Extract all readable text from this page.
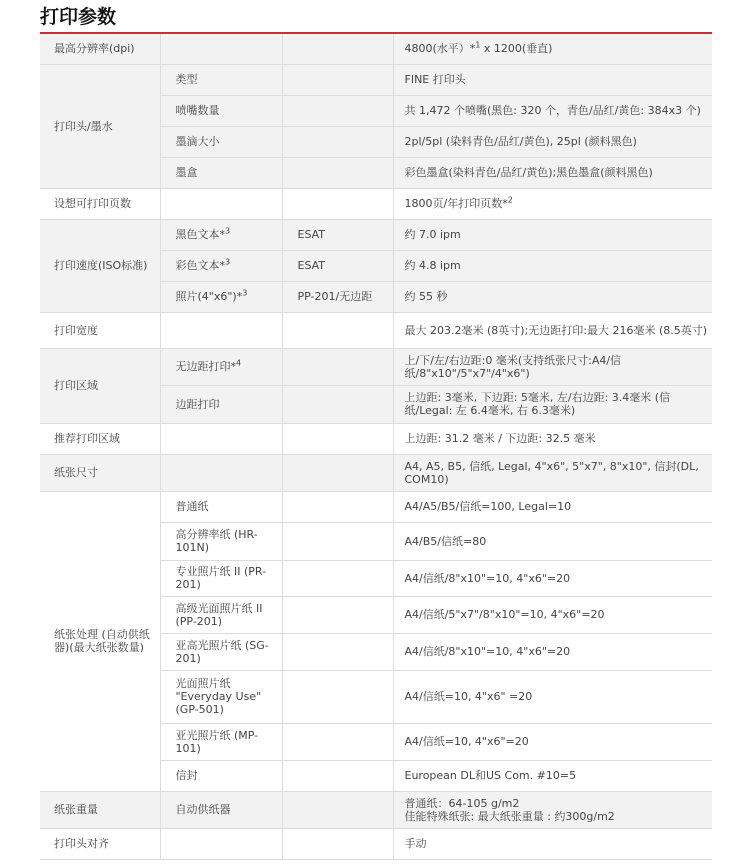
打印参数
最高分辨率(dpi)			4800(水平）*$^1$ x 1200(垂直)
打印头/墨水	类型		FINE 打印头
	喷嘴数量		共 1,472 个喷嘴(黑色: 320 个，青色/品红/黄色: 384x3 个)
	墨滴大小		2pl/5pl (染料青色/品红/黄色), 25pl (颜料黑色)
	墨盒		彩色墨盒(染料青色/品红/黄色);黑色墨盒(颜料黑色)
设想可打印页数			1800页/年打印页数*$^2$
打印速度(ISO标准)	黑色文本*$^3$	ESAT	约 7.0 ipm
	彩色文本*$^3$	ESAT	约 4.8 ipm
	照片(4"x6")*$^3$	PP-201/无边距	约 55 秒
打印宽度			最大 203.2毫米 (8英寸);无边距打印:最大 216毫米 (8.5英寸)
打印区域	无边距打印*$^4$		上/下/左/右边距:0 毫米(支持纸张尺寸:A4/信纸/8"x10"/5"x7"/4"x6")
	边距打印		上边距: 3毫米, 下边距: 5毫米, 左/右边距: 3.4毫米 (信纸/Legal: 左 6.4毫米, 右 6.3毫米)
推荐打印区域			上边距: 31.2 毫米 / 下边距: 32.5 毫米
纸张尺寸			A4, A5, B5, 信纸, Legal, 4"x6", 5"x7", 8"x10", 信封(DL, COM10)
纸张处理 (自动供纸器)(最大纸张数量)	普通纸		A4/A5/B5/信纸=100, Legal=10
	高分辨率纸 (HR-101N)		A4/B5/信纸=80
	专业照片纸 II (PR-201)		A4/信纸/8"x10"=10, 4"x6"=20
	高级光面照片纸 II (PP-201)		A4/信纸/5"x7"/8"x10"=10, 4"x6"=20
	亚高光照片纸 (SG-201)		A4/信纸/8"x10"=10, 4"x6"=20
	光面照片纸 "Everyday Use" (GP-501)		A4/信纸=10, 4"x6" =20
	亚光照片纸 (MP-101)		A4/信纸=10, 4"x6"=20
	信封		European DL和US Com. #10=5
纸张重量	自动供纸器		普通纸：64-105 g/m2
佳能特殊纸张: 最大纸张重量 : 约300g/m2

打印头对齐			手动
